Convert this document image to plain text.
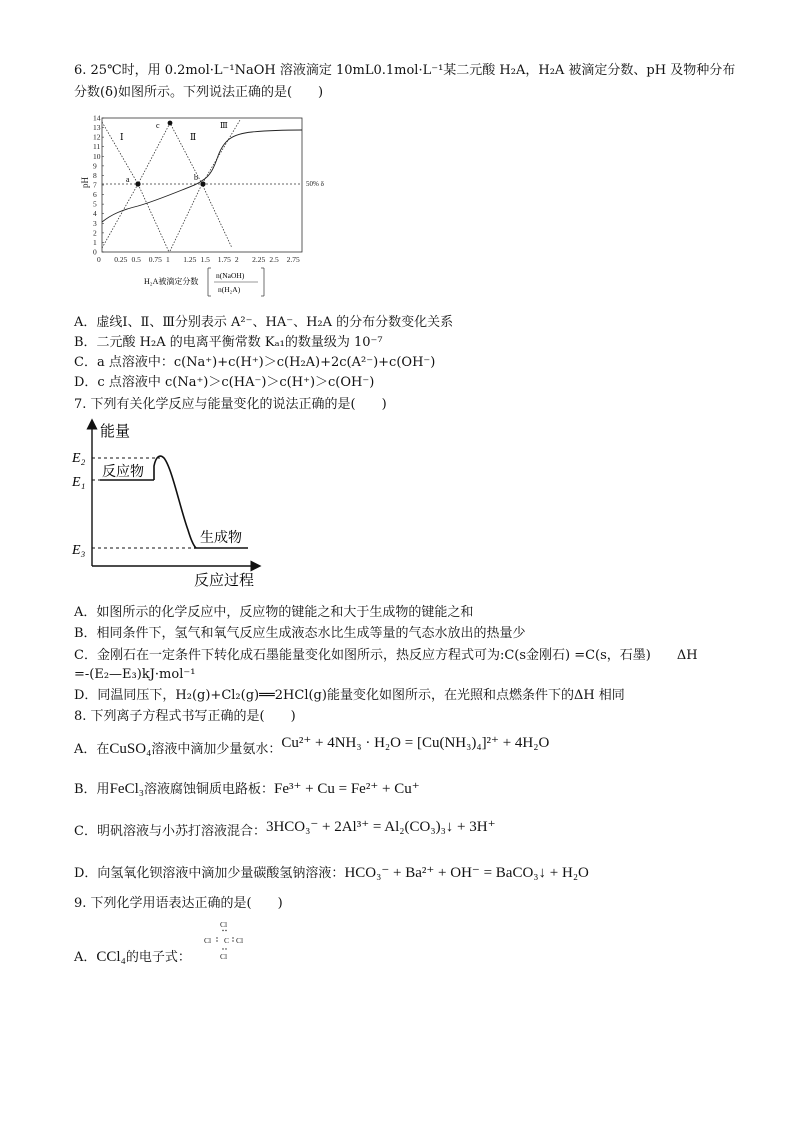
6. 25℃时，用 0.2mol·L⁻¹NaOH 溶液滴定 10mL0.1mol·L⁻¹某二元酸 H₂A，H₂A 被滴定分数、pH 及物种分布
分数(δ)如图所示。下列说法正确的是(　　)
0
1
2
3
4
5
6
7
8
9
10
11
12
13
14
0 0.25 0.5 0.75 1 1.25 1.5 1.75 2 2.25 2.5 2.75
pH	50% δ
a	b
c
Ⅰ	Ⅱ
Ⅲ
H₂A被滴定分数
n(NaOH)
n(H₂A)
A．虚线Ⅰ、Ⅱ、Ⅲ分别表示 A²⁻、HA⁻、H₂A 的分布分数变化关系
B．二元酸 H₂A 的电离平衡常数 Kₐ₁的数量级为 10⁻⁷
C．a 点溶液中：c(Na⁺)+c(H⁺)＞c(H₂A)+2c(A²⁻)+c(OH⁻)
D．c 点溶液中 c(Na⁺)＞c(HA⁻)＞c(H⁺)＞c(OH⁻)
7. 下列有关化学反应与能量变化的说法正确的是(　　)
能量
反应过程
E₂
E₁
E₃
反应物
生成物
A．如图所示的化学反应中，反应物的键能之和大于生成物的键能之和
B．相同条件下，氢气和氧气反应生成液态水比生成等量的气态水放出的热量少
C．金刚石在一定条件下转化成石墨能量变化如图所示，热反应方程式可为:C(s金刚石) =C(s，石墨)　　ΔH
=-(E₂—E₃)kJ·mol⁻¹
D．同温同压下，H₂(g)+Cl₂(g)══2HCl(g)能量变化如图所示，在光照和点燃条件下的ΔH 相同
8. 下列离子方程式书写正确的是(　　)
A．在CuSO₄溶液中滴加少量氨水：Cu²⁺ + 4NH₃ · H₂O = [Cu(NH₃)₄]²⁺ + 4H₂O
B．用FeCl₃溶液腐蚀铜质电路板：Fe³⁺ + Cu = Fe²⁺ + Cu⁺
C．明矾溶液与小苏打溶液混合：3HCO₃⁻ + 2Al³⁺ = Al₂(CO₃)₃↓ + 3H⁺
D．向氢氧化钡溶液中滴加少量碳酸氢钠溶液：HCO₃⁻ + Ba²⁺ + OH⁻ = BaCO₃↓ + H₂O
9. 下列化学用语表达正确的是(　　)
A．CCl₄的电子式：
Cl
Cl C Cl
Cl
